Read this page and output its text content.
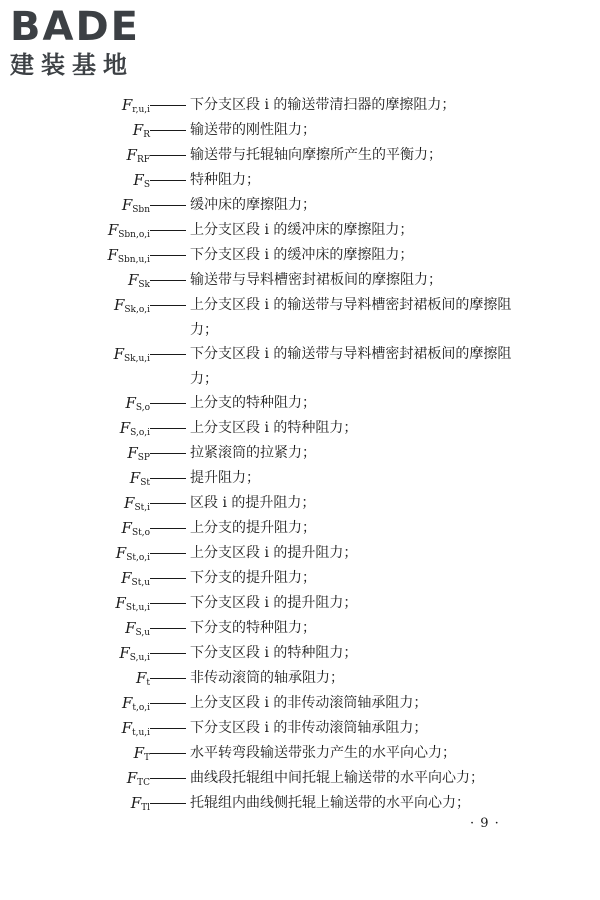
BADE
建装基地
$F_{r,u,i}$	下分支区段 i 的输送带清扫器的摩擦阻力；
$F_R$	输送带的刚性阻力；
$F_{RF}$	输送带与托辊轴向摩擦所产生的平衡力；
$F_S$	特种阻力；
$F_{Sbn}$	缓冲床的摩擦阻力；
$F_{Sbn,o,i}$	上分支区段 i 的缓冲床的摩擦阻力；
$F_{Sbn,u,i}$	下分支区段 i 的缓冲床的摩擦阻力；
$F_{Sk}$	输送带与导料槽密封裙板间的摩擦阻力；
$F_{Sk,o,i}$	上分支区段 i 的输送带与导料槽密封裙板间的摩擦阻力；
$F_{Sk,u,i}$	下分支区段 i 的输送带与导料槽密封裙板间的摩擦阻力；
$F_{S,o}$	上分支的特种阻力；
$F_{S,o,i}$	上分支区段 i 的特种阻力；
$F_{SP}$	拉紧滚筒的拉紧力；
$F_{St}$	提升阻力；
$F_{St,i}$	区段 i 的提升阻力；
$F_{St,o}$	上分支的提升阻力；
$F_{St,o,i}$	上分支区段 i 的提升阻力；
$F_{St,u}$	下分支的提升阻力；
$F_{St,u,i}$	下分支区段 i 的提升阻力；
$F_{S,u}$	下分支的特种阻力；
$F_{S,u,i}$	下分支区段 i 的特种阻力；
$F_t$	非传动滚筒的轴承阻力；
$F_{t,o,i}$	上分支区段 i 的非传动滚筒轴承阻力；
$F_{t,u,i}$	下分支区段 i 的非传动滚筒轴承阻力；
$F_T$	水平转弯段输送带张力产生的水平向心力；
$F_{TC}$	曲线段托辊组中间托辊上输送带的水平向心力；
$F_{Tl}$	托辊组内曲线侧托辊上输送带的水平向心力；
· 9 ·
